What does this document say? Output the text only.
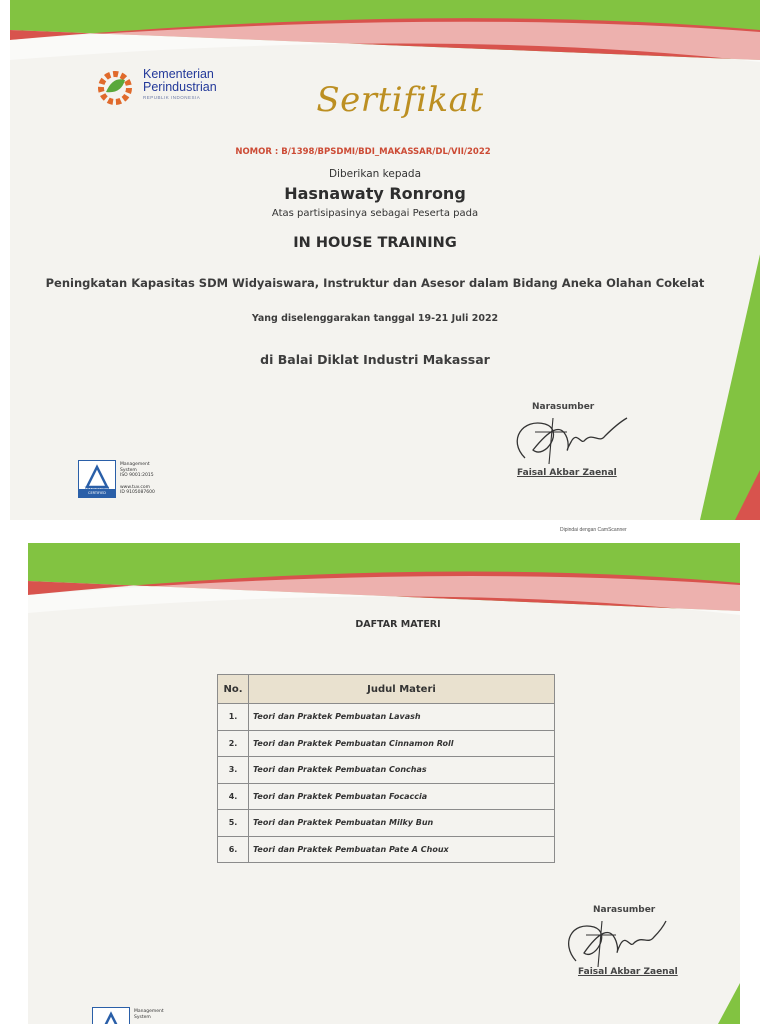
Kementerian
Perindustrian
REPUBLIK INDONESIA	Sertifikat
NOMOR : B/1398/BPSDMI/BDI_MAKASSAR/DL/VII/2022
Diberikan kepada
Hasnawaty Ronrong
Atas partisipasinya sebagai Peserta pada
IN HOUSE TRAINING
Peningkatan Kapasitas SDM Widyaiswara, Instruktur dan Asesor dalam Bidang Aneka Olahan Cokelat
Yang diselenggarakan tanggal 19-21 Juli 2022
di Balai Diklat Industri Makassar
Narasumber
Faisal Akbar Zaenal
Management
System
ISO 9001:2015
www.tuv.com
ID 9105087600
TÜVRheinland
CERTIFIED
Dipindai dengan CamScanner
DAFTAR MATERI
No.	Judul Materi
1.	Teori dan Praktek Pembuatan Lavash
2.	Teori dan Praktek Pembuatan Cinnamon Roll
3.	Teori dan Praktek Pembuatan Conchas
4.	Teori dan Praktek Pembuatan Focaccia
5.	Teori dan Praktek Pembuatan Milky Bun
6.	Teori dan Praktek Pembuatan Pate A Choux
Narasumber
Faisal Akbar Zaenal
Management
System
